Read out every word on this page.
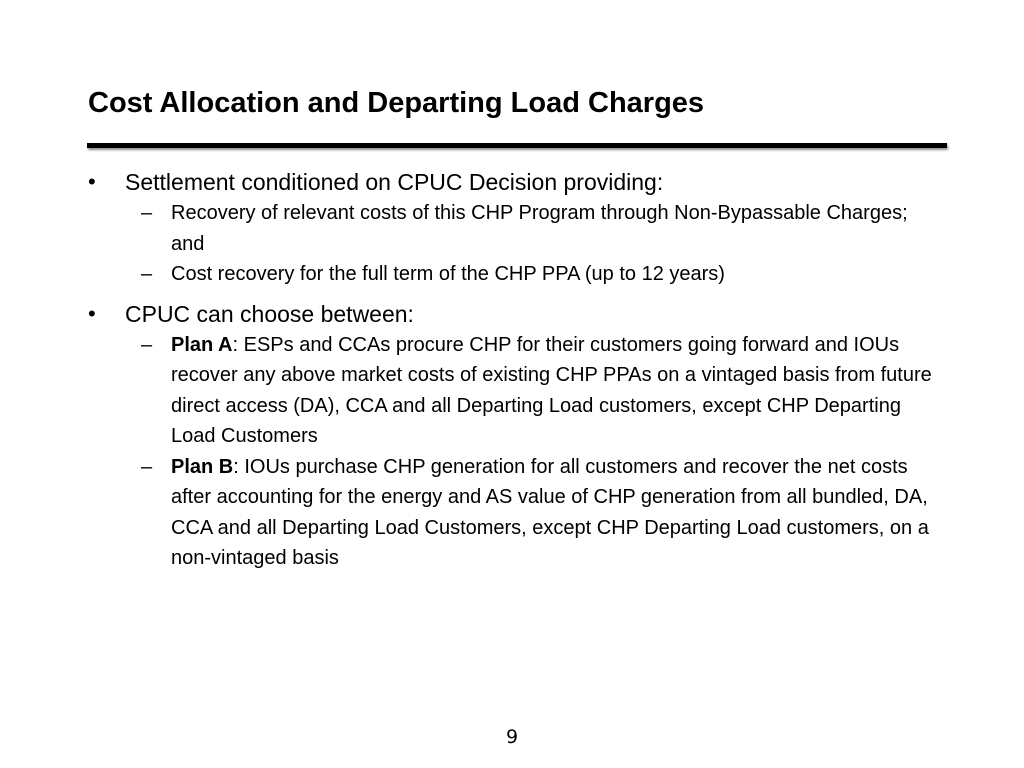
Cost Allocation and Departing Load Charges
• Settlement conditioned on CPUC Decision providing:
– Recovery of relevant costs of this CHP Program through Non-Bypassable Charges; and
– Cost recovery for the full term of the CHP PPA (up to 12 years)
• CPUC can choose between:
– Plan A: ESPs and CCAs procure CHP for their customers going forward and IOUs recover any above market costs of existing CHP PPAs on a vintaged basis from future direct access (DA), CCA and all Departing Load customers, except CHP Departing Load Customers
– Plan B: IOUs purchase CHP generation for all customers and recover the net costs after accounting for the energy and AS value of CHP generation from all bundled, DA, CCA and all Departing Load Customers, except CHP Departing Load customers, on a non-vintaged basis
9
